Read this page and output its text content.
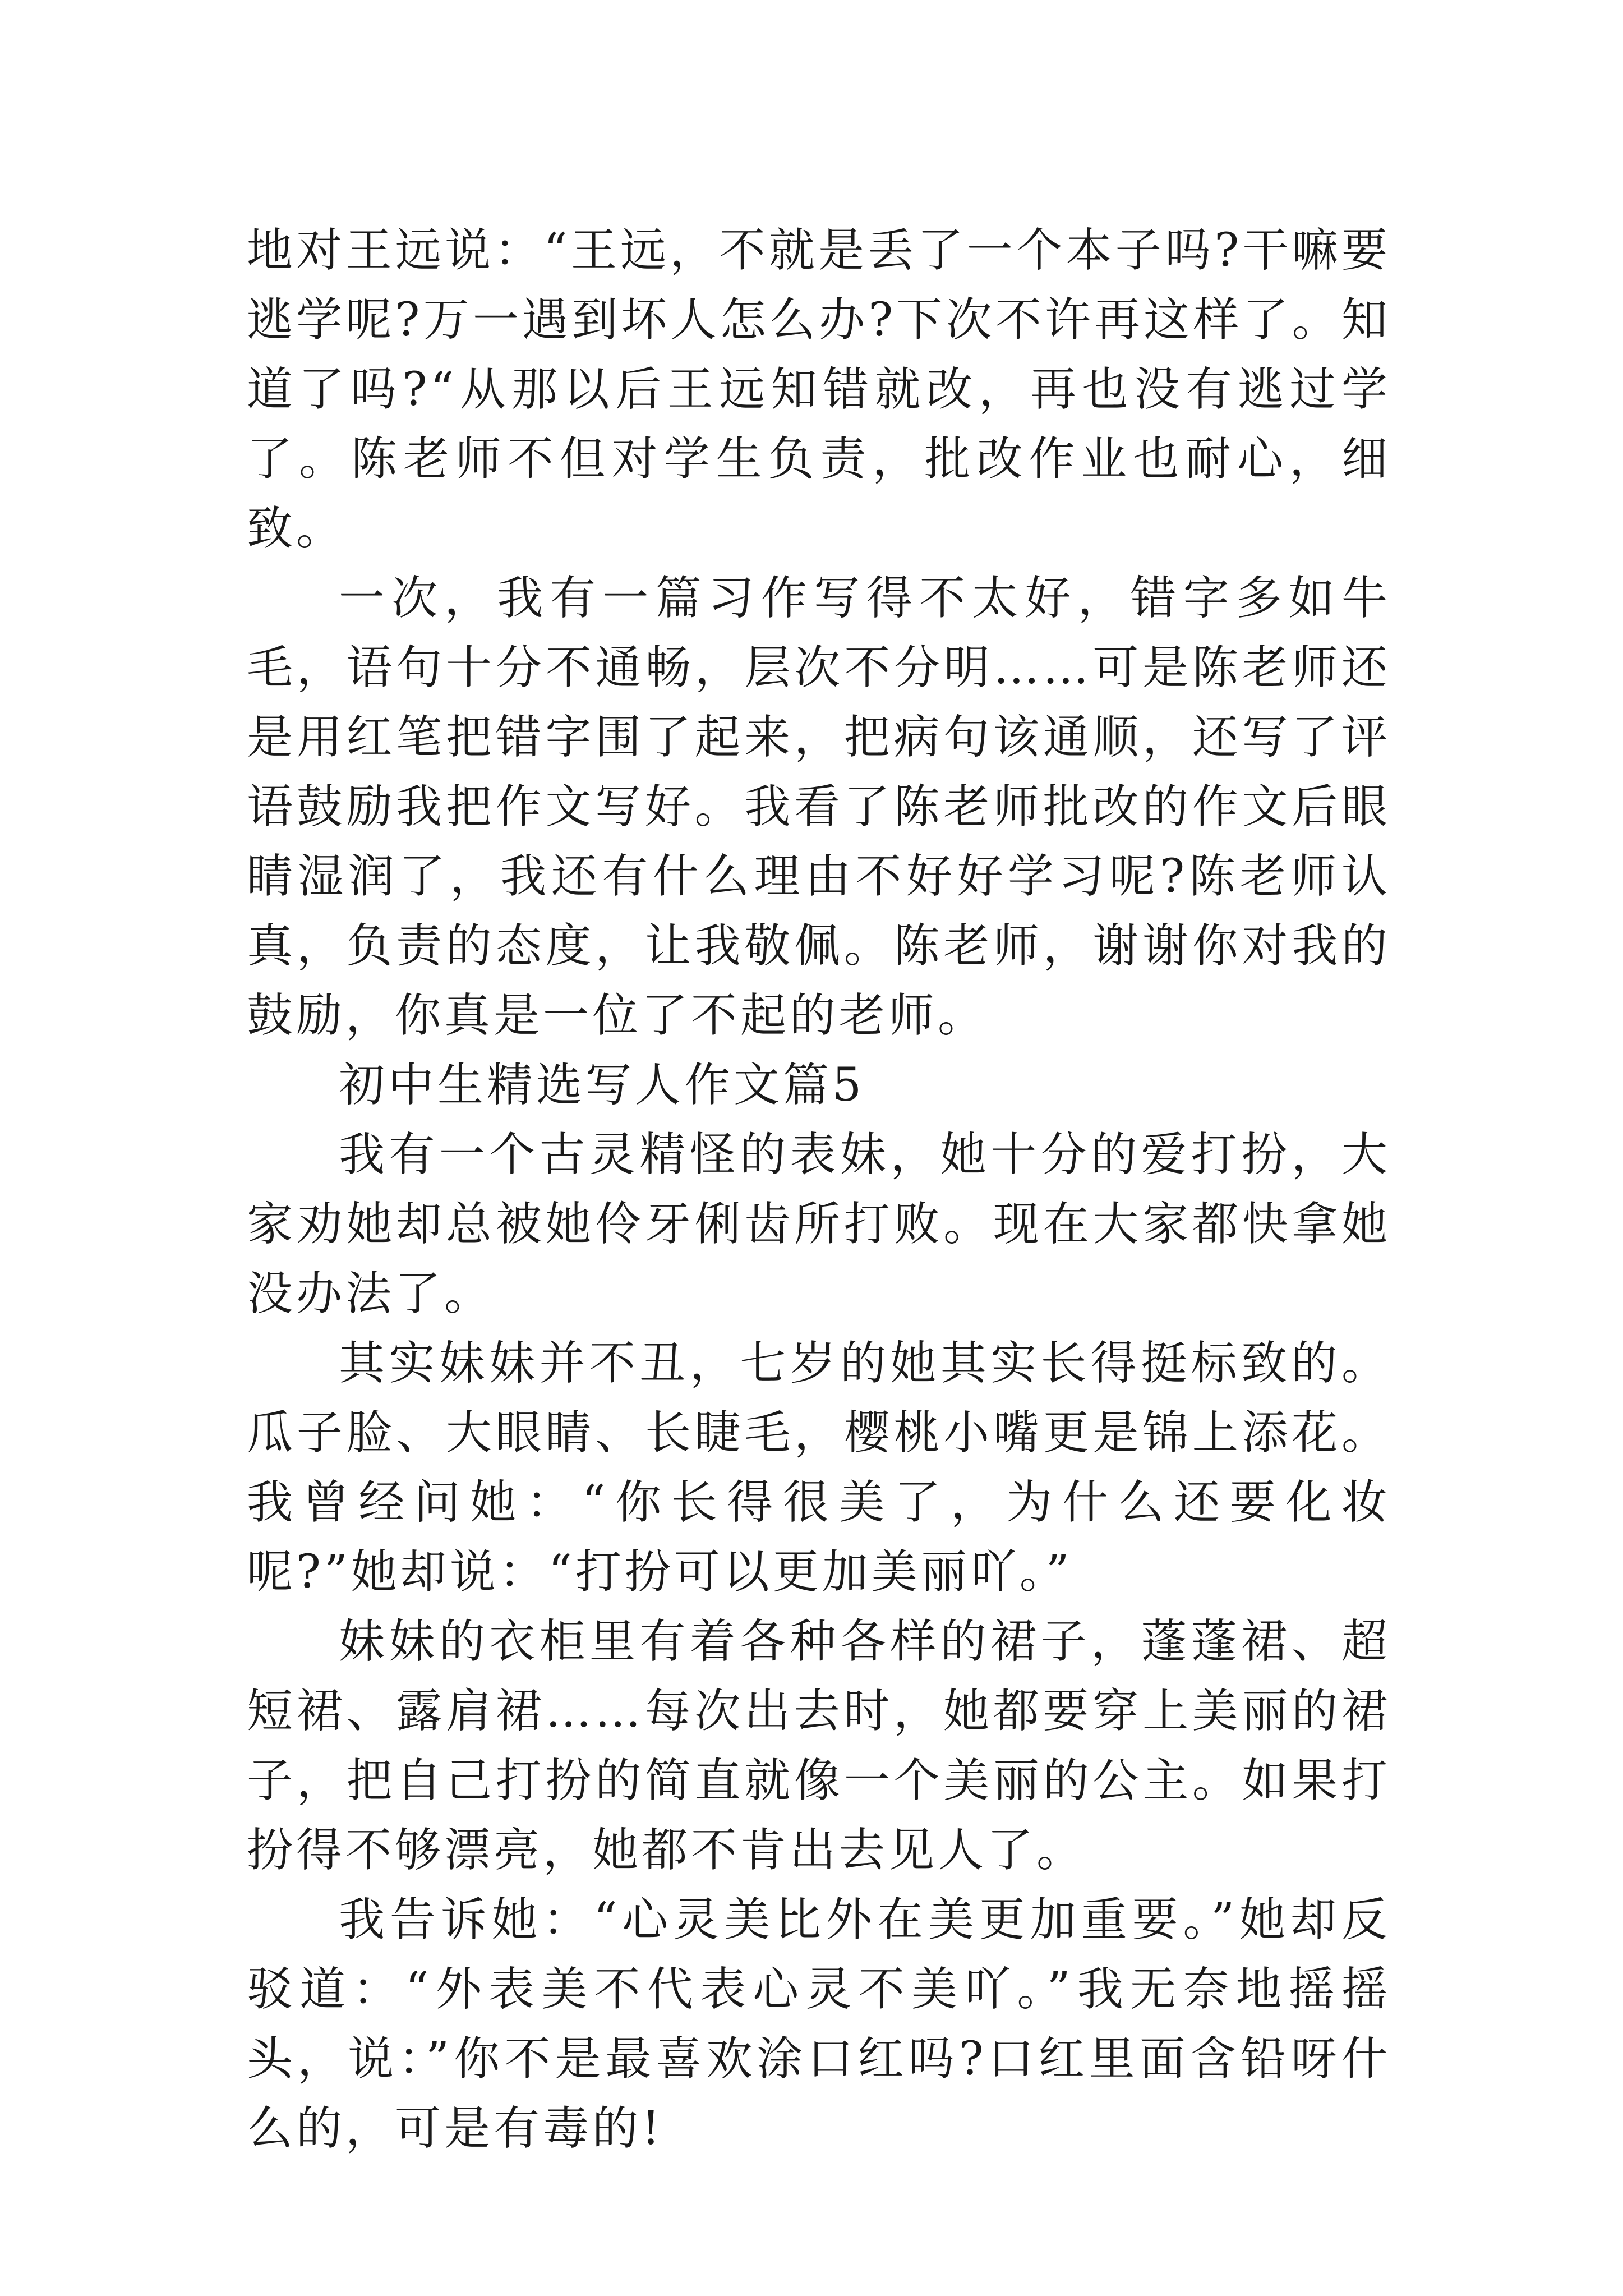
地对王远说：“王远，不就是丢了一个本子吗?干嘛要逃学呢?万一遇到坏人怎么办?下次不许再这样了。知道了吗?“从那以后王远知错就改，再也没有逃过学了。陈老师不但对学生负责，批改作业也耐心，细致。

一次，我有一篇习作写得不太好，错字多如牛毛，语句十分不通畅，层次不分明……可是陈老师还是用红笔把错字围了起来，把病句该通顺，还写了评语鼓励我把作文写好。我看了陈老师批改的作文后眼睛湿润了，我还有什么理由不好好学习呢?陈老师认真，负责的态度，让我敬佩。陈老师，谢谢你对我的鼓励，你真是一位了不起的老师。

初中生精选写人作文篇5

我有一个古灵精怪的表妹，她十分的爱打扮，大家劝她却总被她伶牙俐齿所打败。现在大家都快拿她没办法了。

其实妹妹并不丑，七岁的她其实长得挺标致的。瓜子脸、大眼睛、长睫毛，樱桃小嘴更是锦上添花。我曾经问她：“你长得很美了，为什么还要化妆呢?”她却说：“打扮可以更加美丽吖。”

妹妹的衣柜里有着各种各样的裙子，蓬蓬裙、超短裙、露肩裙……每次出去时，她都要穿上美丽的裙子，把自己打扮的简直就像一个美丽的公主。如果打扮得不够漂亮，她都不肯出去见人了。

我告诉她：“心灵美比外在美更加重要。”她却反驳道：“外表美不代表心灵不美吖。”我无奈地摇摇头，说：”你不是最喜欢涂口红吗?口红里面含铅呀什么的，可是有毒的!
